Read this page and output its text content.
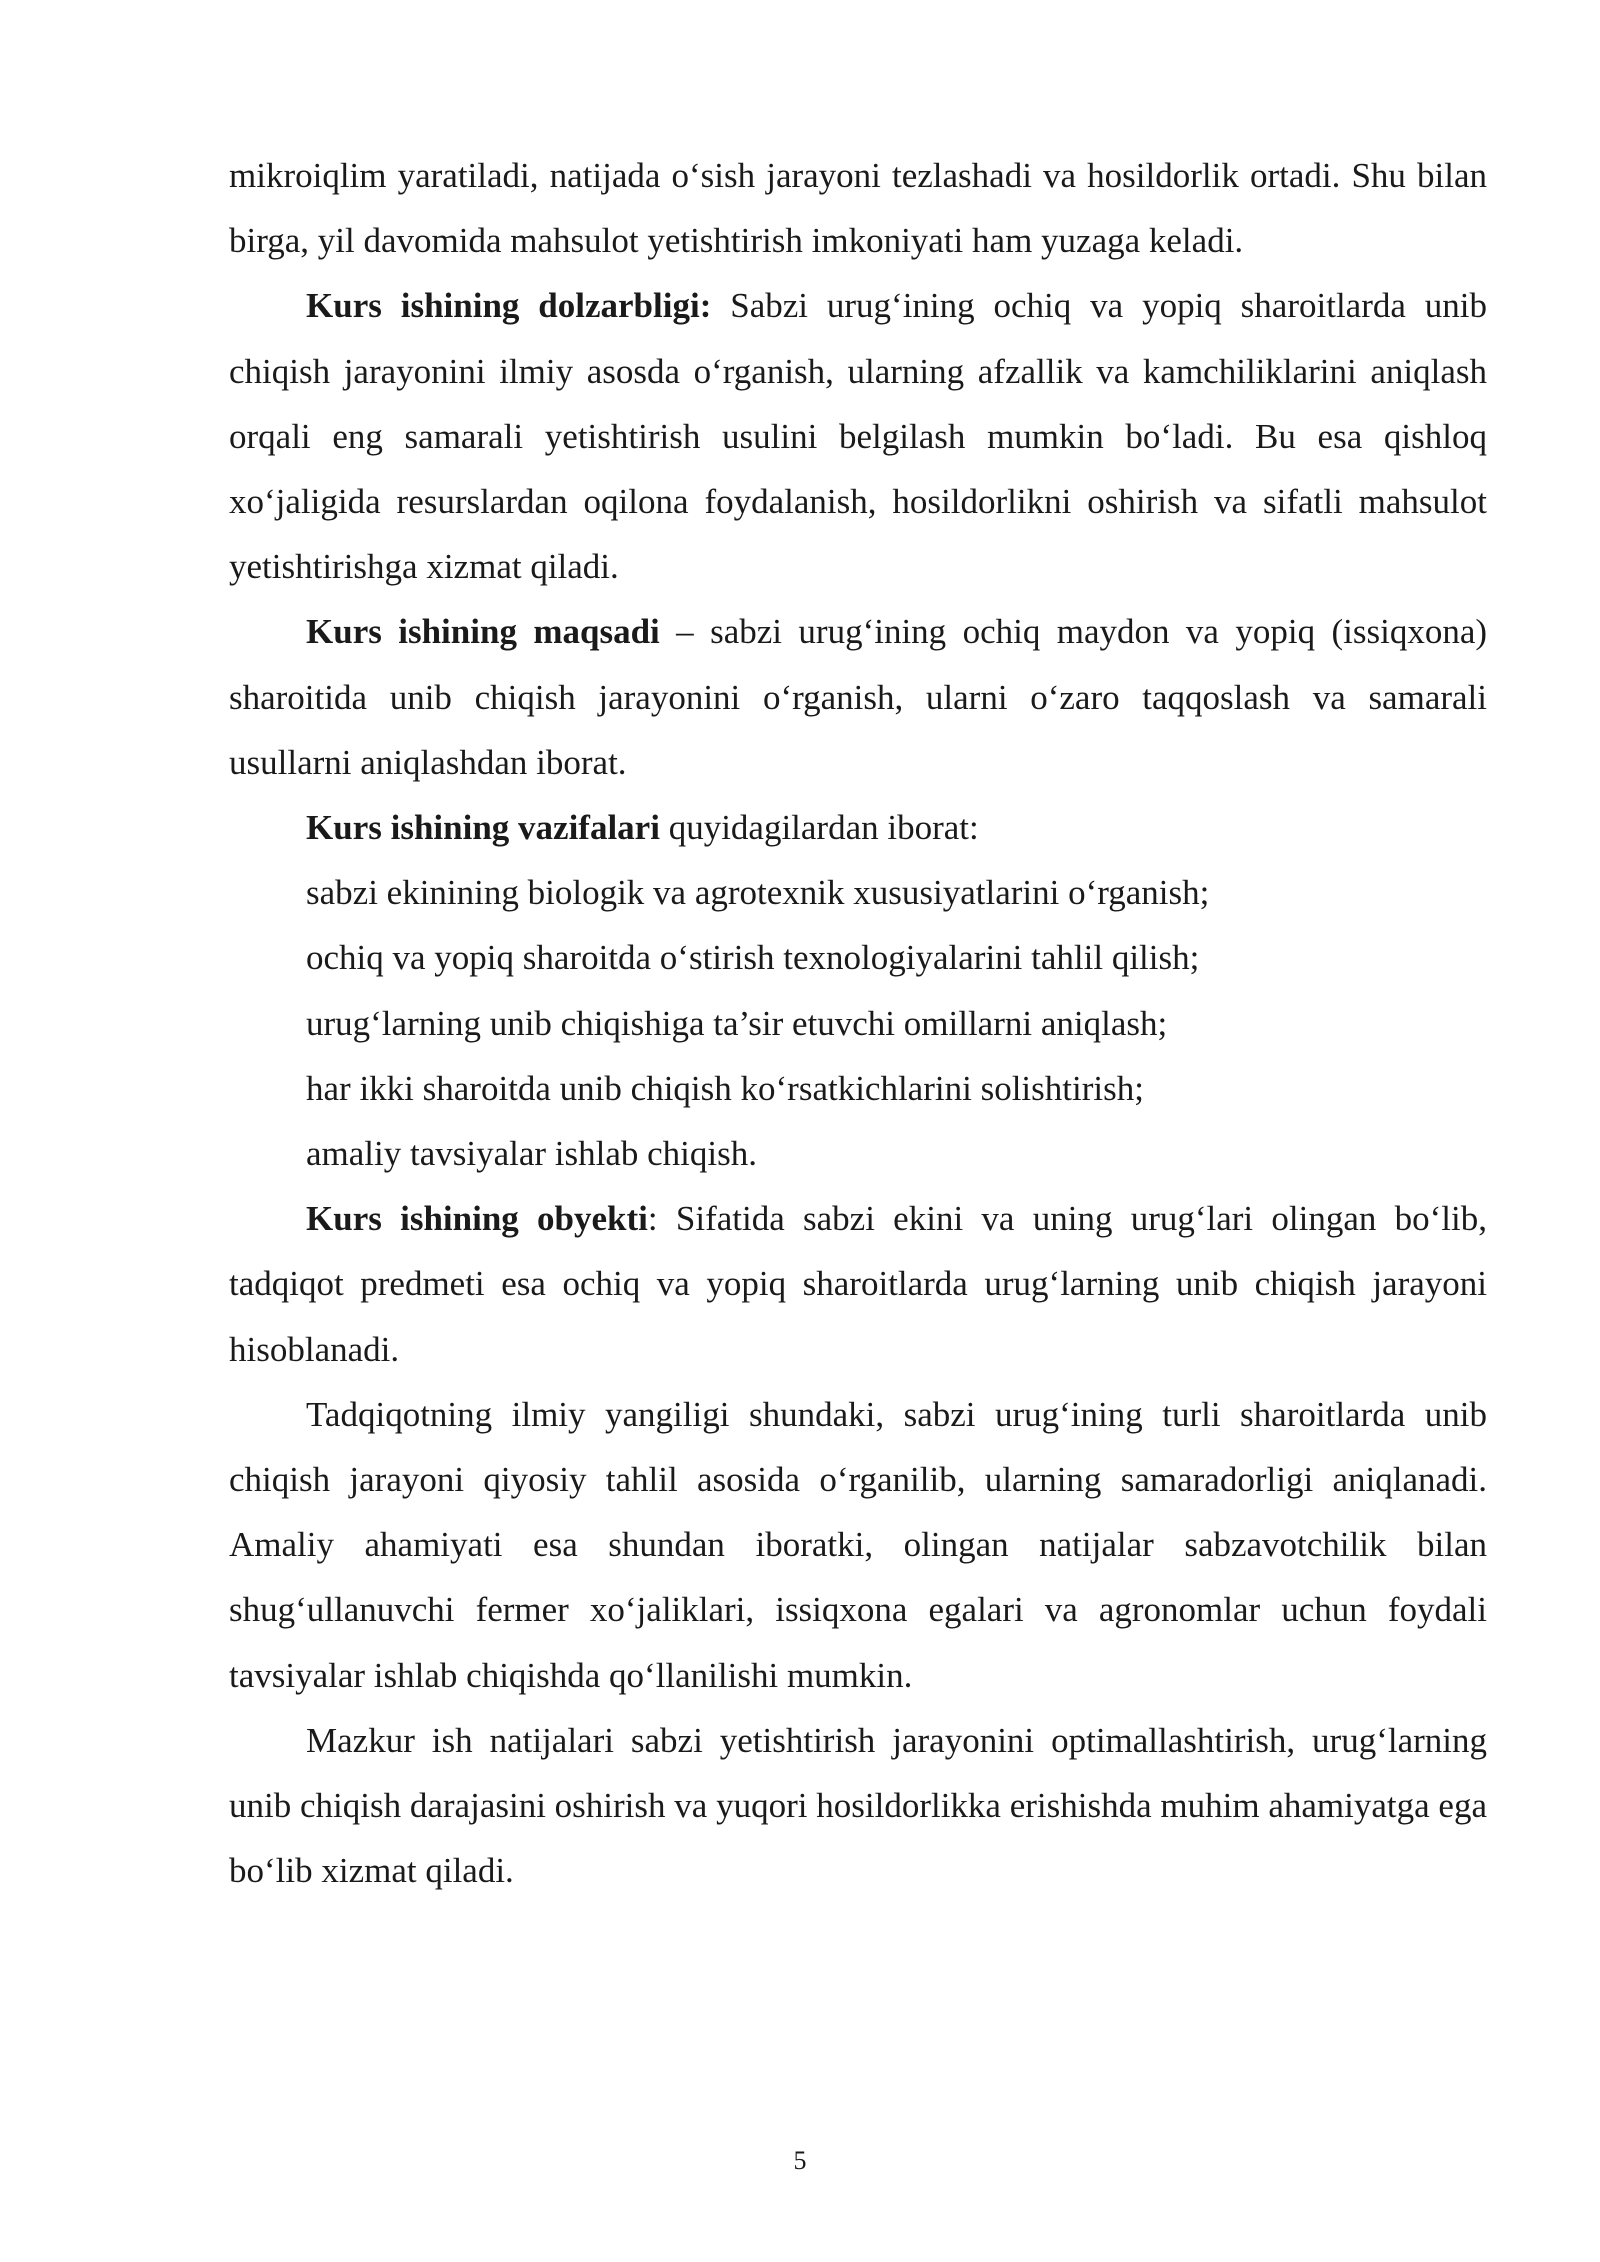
mikroiqlim yaratiladi, natijada o‘sish jarayoni tezlashadi va hosildorlik ortadi. Shu bilan birga, yil davomida mahsulot yetishtirish imkoniyati ham yuzaga keladi.

Kurs ishining dolzarbligi: Sabzi urug‘ining ochiq va yopiq sharoitlarda unib chiqish jarayonini ilmiy asosda o‘rganish, ularning afzallik va kamchiliklarini aniqlash orqali eng samarali yetishtirish usulini belgilash mumkin bo‘ladi. Bu esa qishloq xo‘jaligida resurslardan oqilona foydalanish, hosildorlikni oshirish va sifatli mahsulot yetishtirishga xizmat qiladi.

Kurs ishining maqsadi – sabzi urug‘ining ochiq maydon va yopiq (issiqxona) sharoitida unib chiqish jarayonini o‘rganish, ularni o‘zaro taqqoslash va samarali usullarni aniqlashdan iborat.

Kurs ishining vazifalari quyidagilardan iborat:

sabzi ekinining biologik va agrotexnik xususiyatlarini o‘rganish;

ochiq va yopiq sharoitda o‘stirish texnologiyalarini tahlil qilish;

urug‘larning unib chiqishiga ta’sir etuvchi omillarni aniqlash;

har ikki sharoitda unib chiqish ko‘rsatkichlarini solishtirish;

amaliy tavsiyalar ishlab chiqish.

Kurs ishining obyekti: Sifatida sabzi ekini va uning urug‘lari olingan bo‘lib, tadqiqot predmeti esa ochiq va yopiq sharoitlarda urug‘larning unib chiqish jarayoni hisoblanadi.

Tadqiqotning ilmiy yangiligi shundaki, sabzi urug‘ining turli sharoitlarda unib chiqish jarayoni qiyosiy tahlil asosida o‘rganilib, ularning samaradorligi aniqlanadi. Amaliy ahamiyati esa shundan iboratki, olingan natijalar sabzavotchilik bilan shug‘ullanuvchi fermer xo‘jaliklari, issiqxona egalari va agronomlar uchun foydali tavsiyalar ishlab chiqishda qo‘llanilishi mumkin.

Mazkur ish natijalari sabzi yetishtirish jarayonini optimallashtirish, urug‘larning unib chiqish darajasini oshirish va yuqori hosildorlikka erishishda muhim ahamiyatga ega bo‘lib xizmat qiladi.

5
